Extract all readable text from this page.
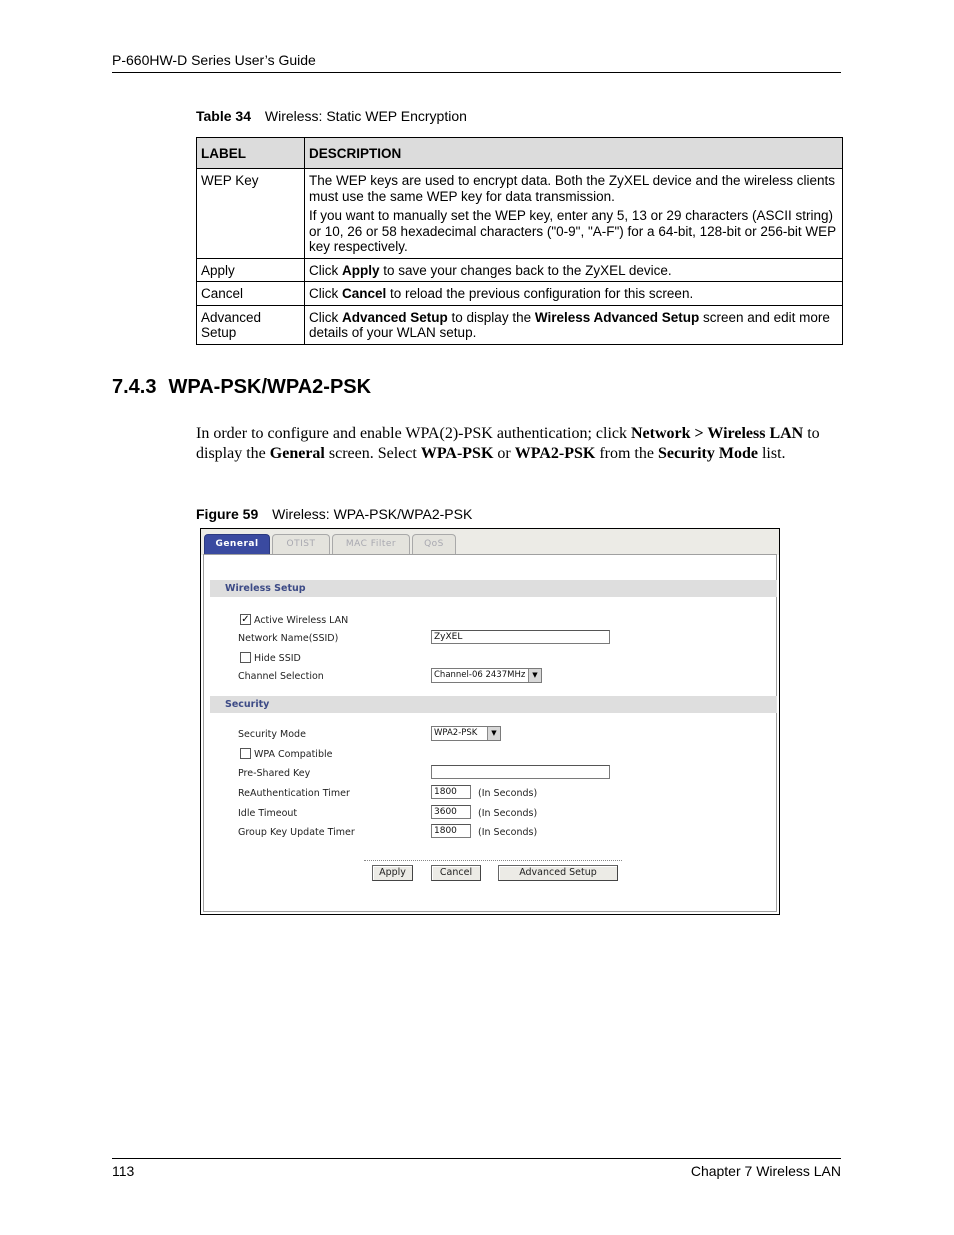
P-660HW-D Series User’s Guide
Table 34 Wireless: Static WEP Encryption
LABEL	DESCRIPTION
WEP Key	The WEP keys are used to encrypt data. Both the ZyXEL device and the wireless clients must use the same WEP key for data transmission.

If you want to manually set the WEP key, enter any 5, 13 or 29 characters (ASCII string) or 10, 26 or 58 hexadecimal characters ("0-9", "A-F") for a 64-bit, 128-bit or 256-bit WEP key respectively.

Apply	Click Apply to save your changes back to the ZyXEL device.
Cancel	Click Cancel to reload the previous configuration for this screen.
Advanced Setup	Click Advanced Setup to display the Wireless Advanced Setup screen and edit more details of your WLAN setup.
7.4.3 WPA-PSK/WPA2-PSK
In order to configure and enable WPA(2)-PSK authentication; click Network > Wireless LAN to display the General screen. Select WPA-PSK or WPA2-PSK from the Security Mode list.
Figure 59 Wireless: WPA-PSK/WPA2-PSK
General	OTIST	MAC Filter	QoS
Wireless Setup
✓ Active Wireless LAN
Network Name(SSID)	ZyXEL
Hide SSID
Channel Selection	Channel-06 2437MHz ▼
Security
Security Mode	WPA2-PSK	▼
WPA Compatible
Pre-Shared Key
ReAuthentication Timer	1800	(In Seconds)
Idle Timeout	3600	(In Seconds)
Group Key Update Timer	1800	(In Seconds)
Apply	Cancel	Advanced Setup
113	Chapter 7 Wireless LAN
